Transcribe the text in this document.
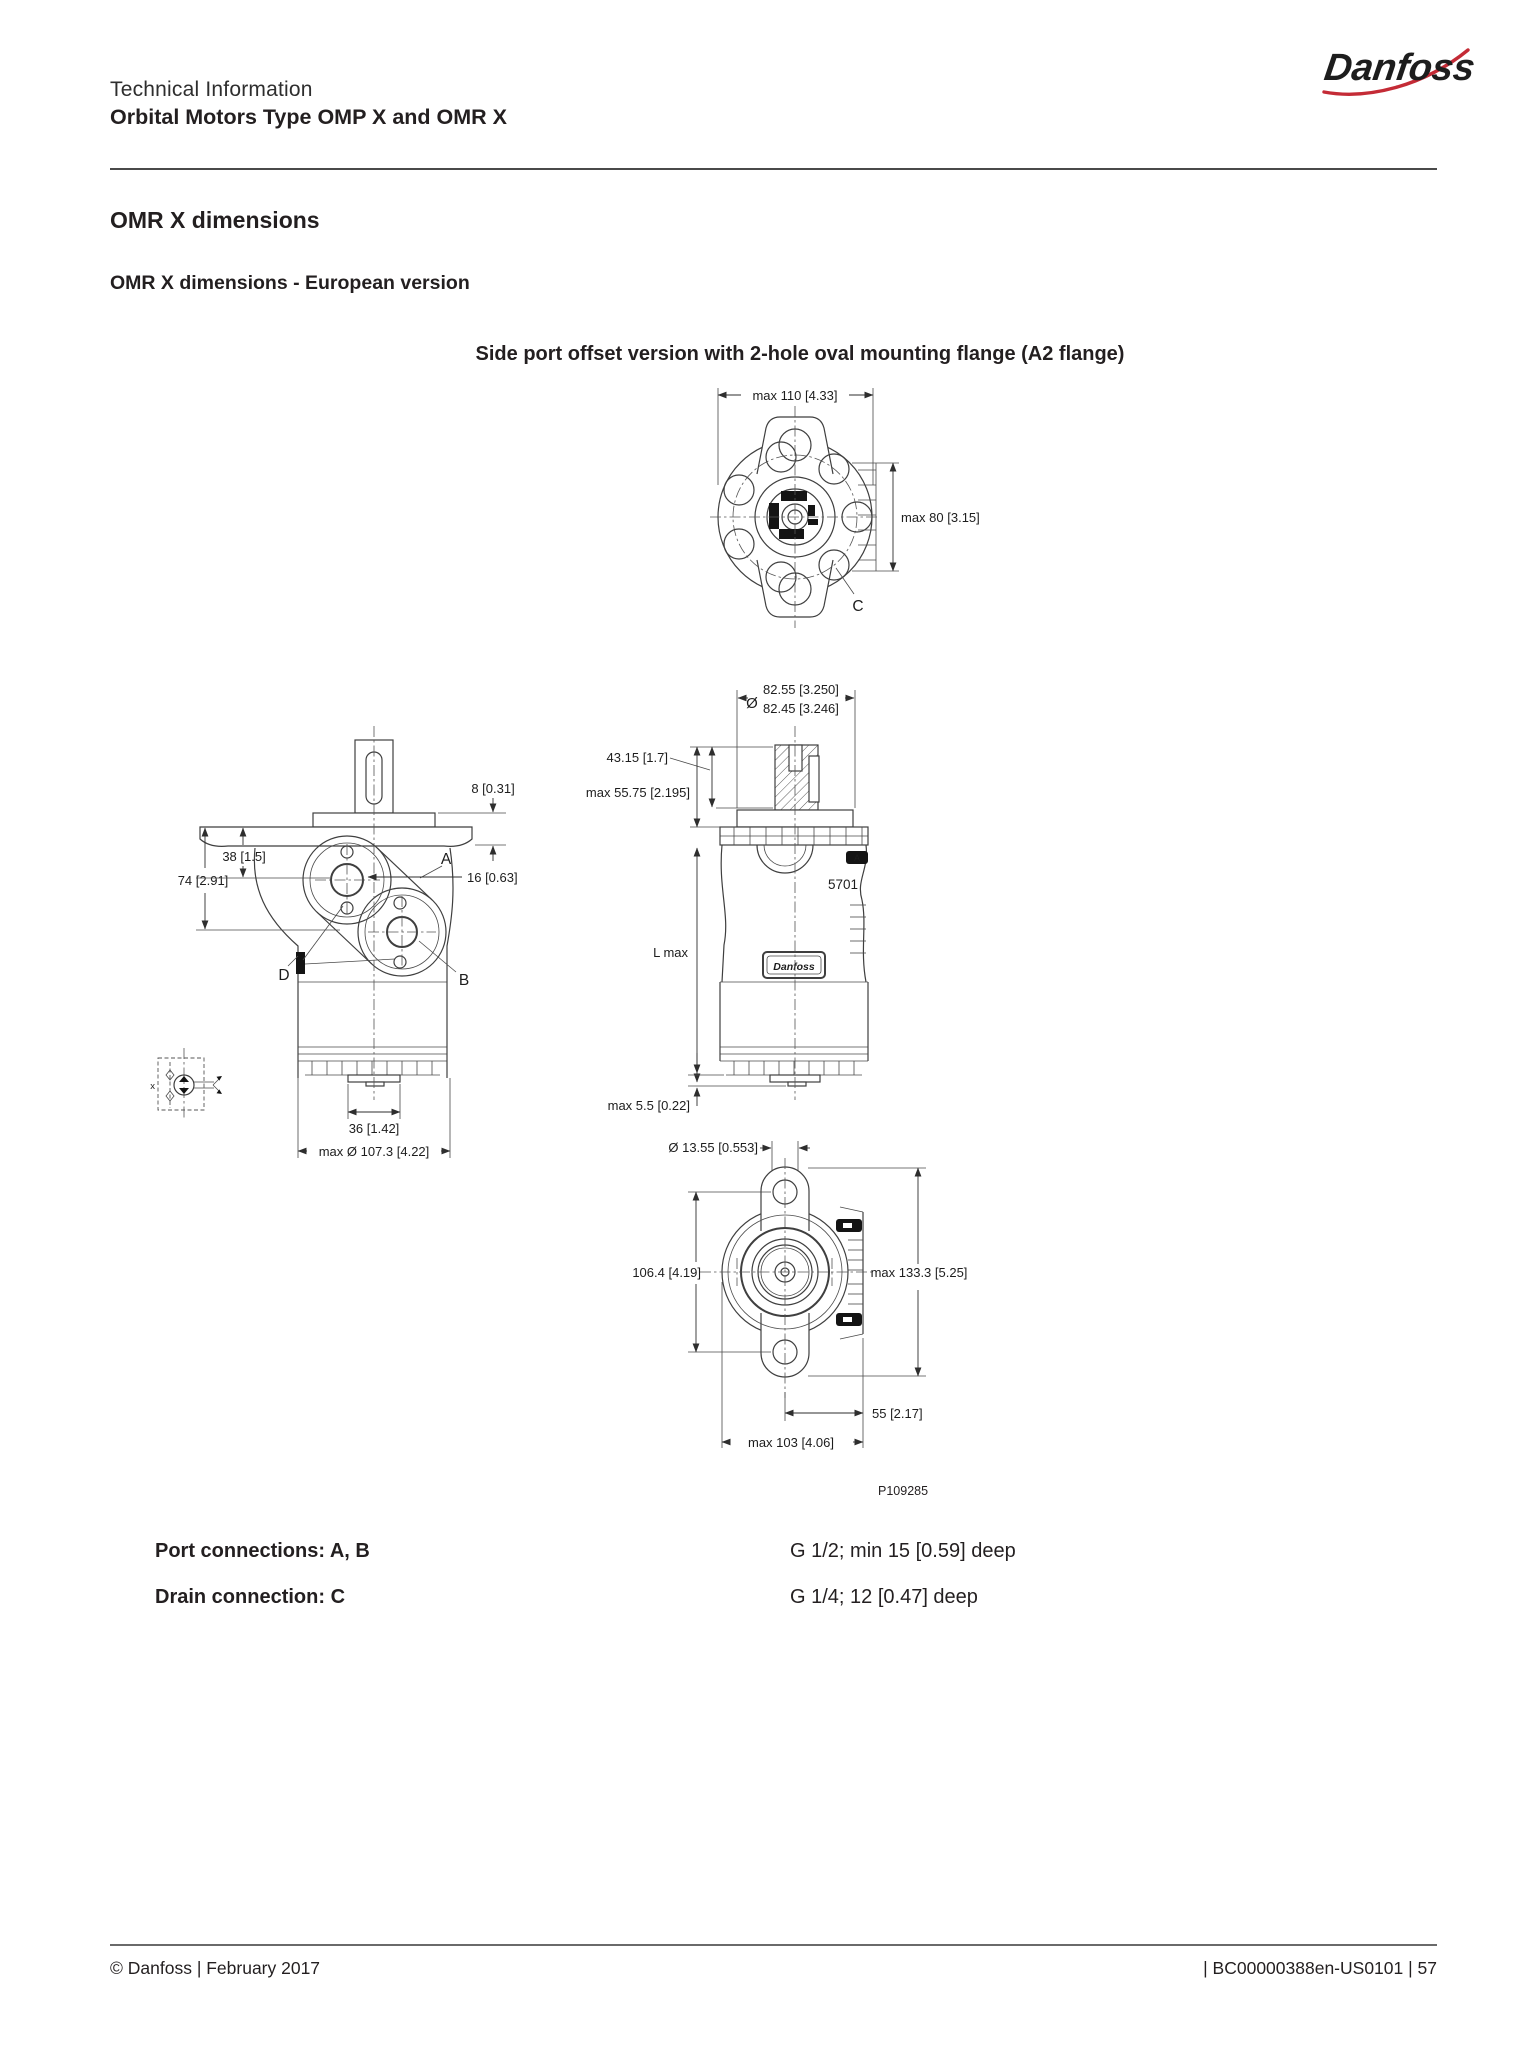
Danfoss
Technical Information
Orbital Motors Type OMP X and OMR X
OMR X dimensions
OMR X dimensions - European version
Side port offset version with 2-hole oval mounting flange (A2 flange)
max 110 [4.33]
max 80 [3.15]
C
8 [0.31]
38 [1.5]
74 [2.91]	16 [0.63]
A
D	B
36 [1.42]
max Ø 107.3 [4.22]
x
A
5701
Danfoss
Ø
82.55 [3.250]
82.45 [3.246]
43.15 [1.7]
max 55.75 [2.195]
L max
max 5.5 [0.22]
Ø 13.55 [0.553]
106.4 [4.19]	max 133.3 [5.25]
55 [2.17]
max 103 [4.06]
P109285
Port connections: A, B	G 1/2; min 15 [0.59] deep
Drain connection: C	G 1/4; 12 [0.47] deep
© Danfoss | February 2017	| BC00000388en-US0101 | 57
